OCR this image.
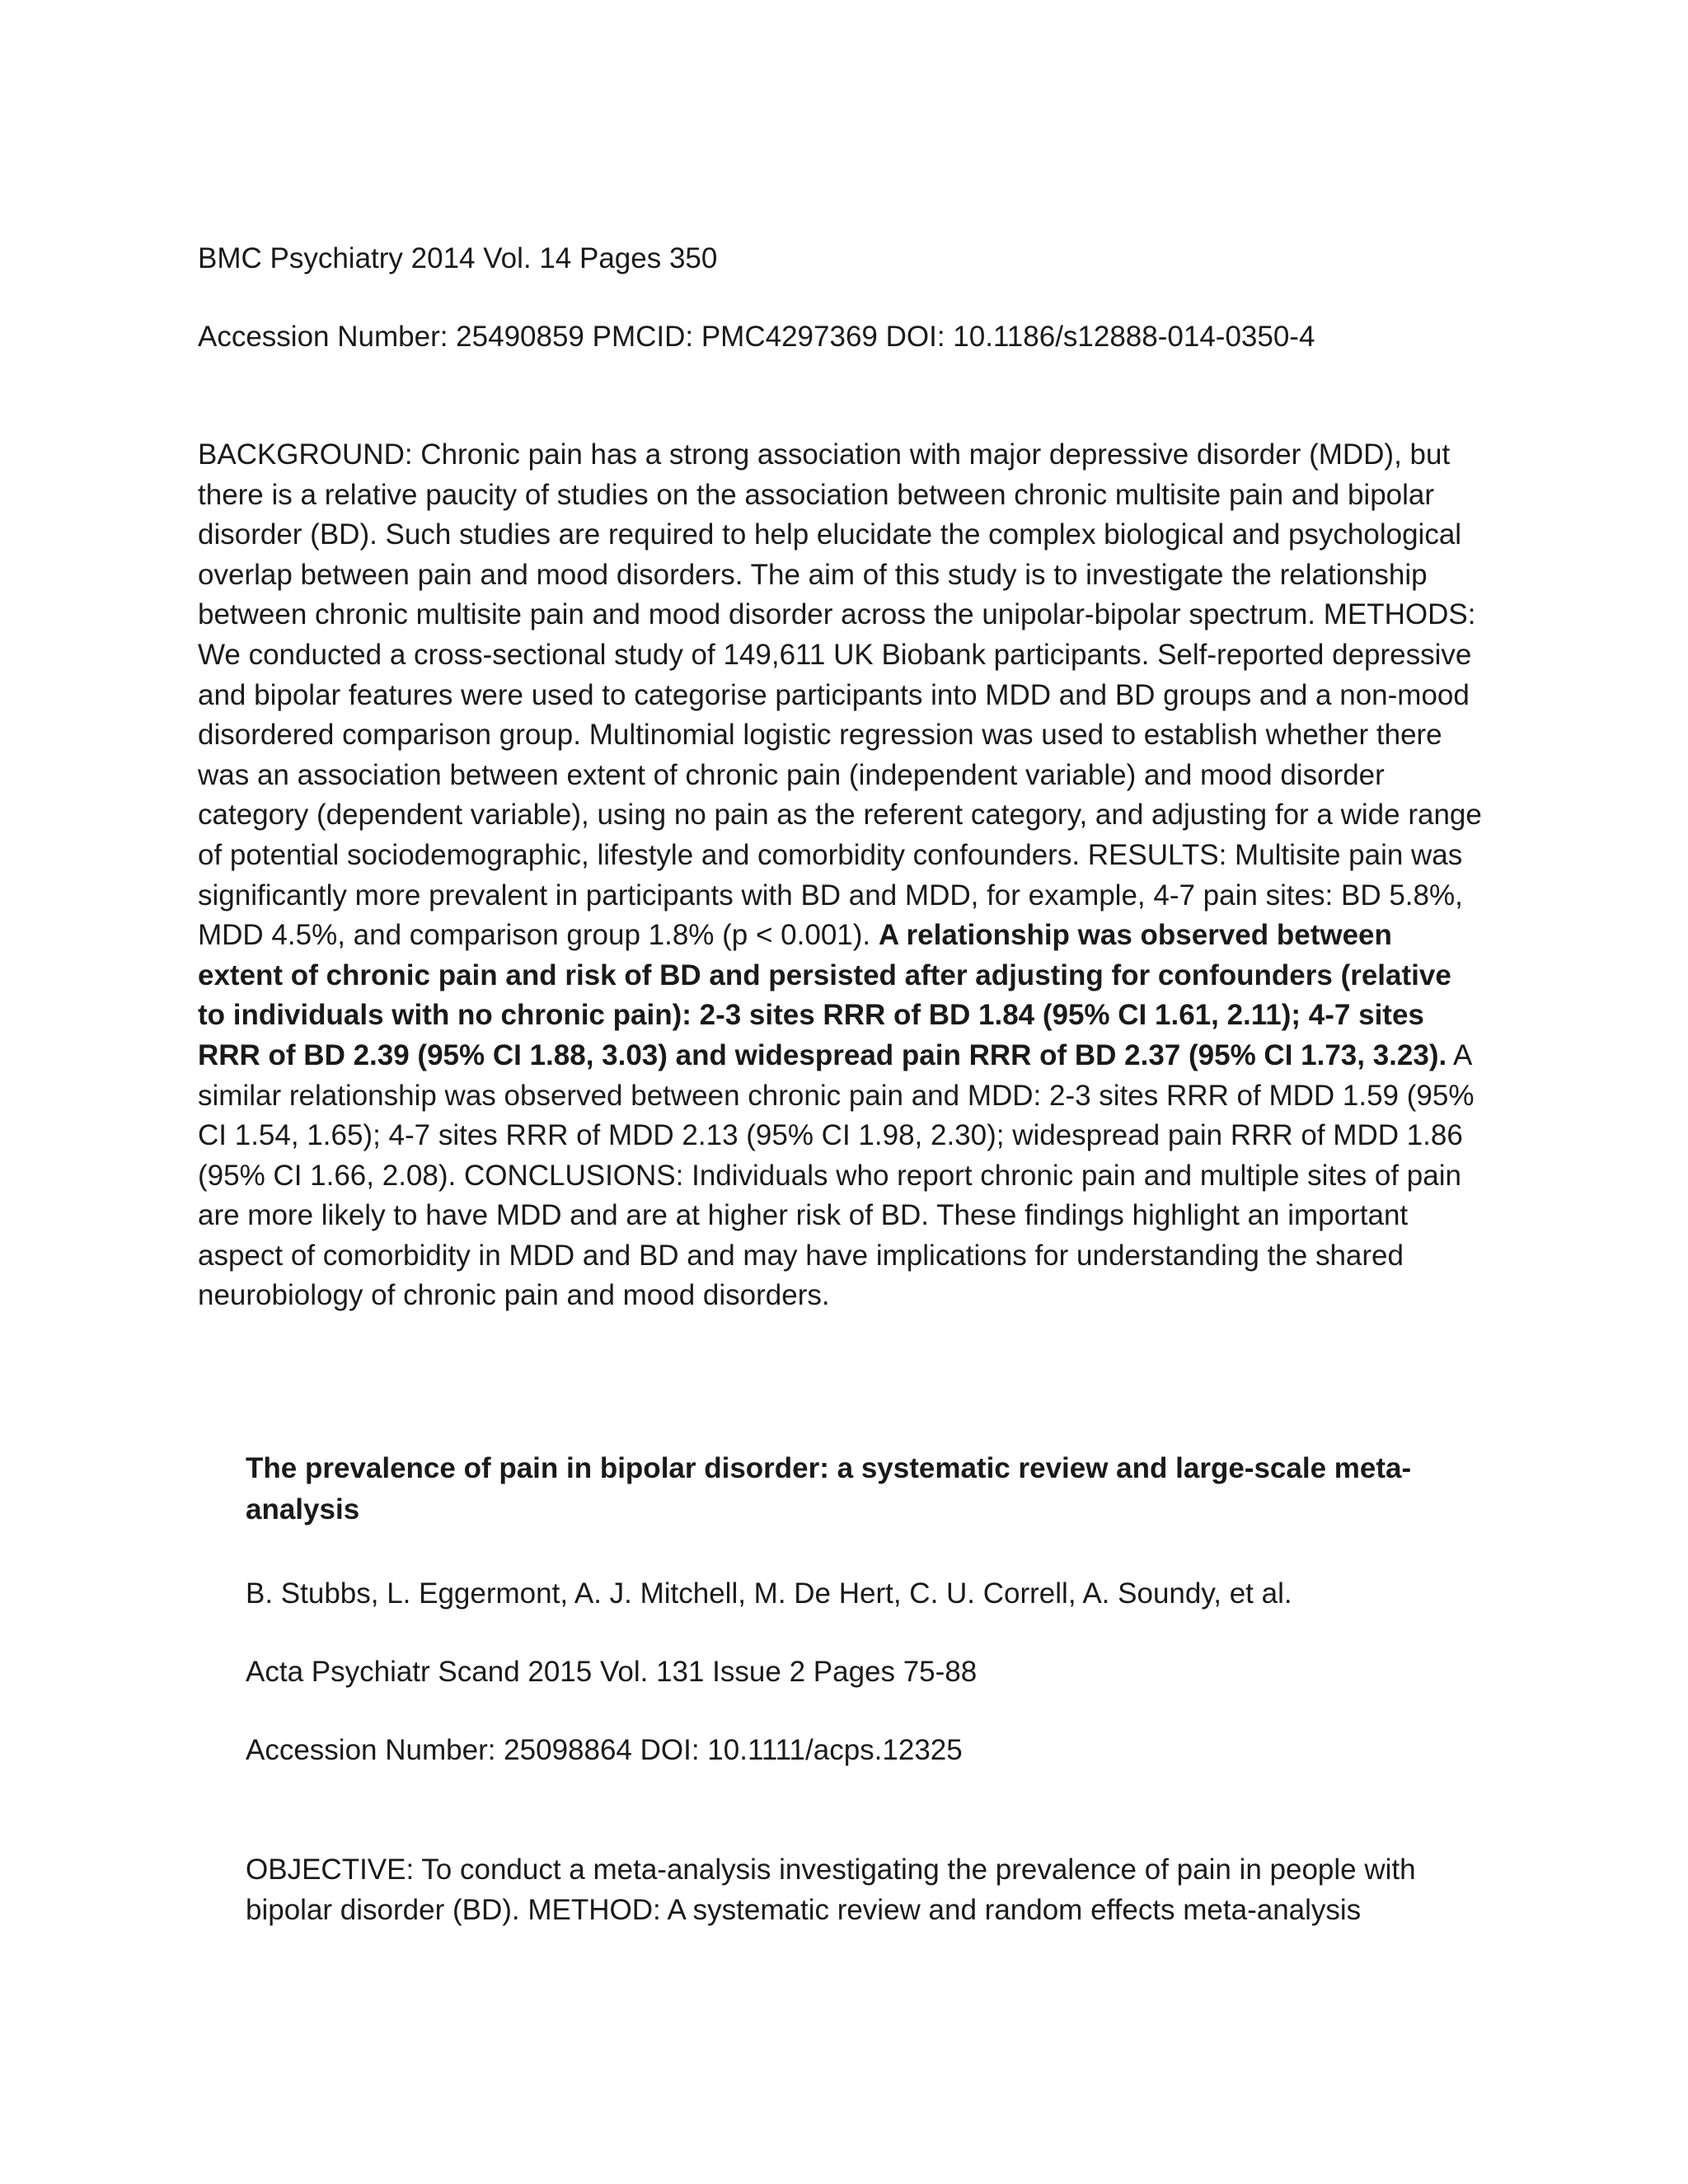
BMC Psychiatry 2014 Vol. 14 Pages 350

Accession Number: 25490859 PMCID: PMC4297369 DOI: 10.1186/s12888-014-0350-4

BACKGROUND: Chronic pain has a strong association with major depressive disorder (MDD), but there is a relative paucity of studies on the association between chronic multisite pain and bipolar disorder (BD). Such studies are required to help elucidate the complex biological and psychological overlap between pain and mood disorders. The aim of this study is to investigate the relationship between chronic multisite pain and mood disorder across the unipolar-bipolar spectrum. METHODS: We conducted a cross-sectional study of 149,611 UK Biobank participants. Self-reported depressive and bipolar features were used to categorise participants into MDD and BD groups and a non-mood disordered comparison group. Multinomial logistic regression was used to establish whether there was an association between extent of chronic pain (independent variable) and mood disorder category (dependent variable), using no pain as the referent category, and adjusting for a wide range of potential sociodemographic, lifestyle and comorbidity confounders. RESULTS: Multisite pain was significantly more prevalent in participants with BD and MDD, for example, 4-7 pain sites: BD 5.8%, MDD 4.5%, and comparison group 1.8% (p < 0.001). A relationship was observed between extent of chronic pain and risk of BD and persisted after adjusting for confounders (relative to individuals with no chronic pain): 2-3 sites RRR of BD 1.84 (95% CI 1.61, 2.11); 4-7 sites RRR of BD 2.39 (95% CI 1.88, 3.03) and widespread pain RRR of BD 2.37 (95% CI 1.73, 3.23). A similar relationship was observed between chronic pain and MDD: 2-3 sites RRR of MDD 1.59 (95% CI 1.54, 1.65); 4-7 sites RRR of MDD 2.13 (95% CI 1.98, 2.30); widespread pain RRR of MDD 1.86 (95% CI 1.66, 2.08). CONCLUSIONS: Individuals who report chronic pain and multiple sites of pain are more likely to have MDD and are at higher risk of BD. These findings highlight an important aspect of comorbidity in MDD and BD and may have implications for understanding the shared neurobiology of chronic pain and mood disorders.

The prevalence of pain in bipolar disorder: a systematic review and large-scale meta-analysis

B. Stubbs, L. Eggermont, A. J. Mitchell, M. De Hert, C. U. Correll, A. Soundy, et al.

Acta Psychiatr Scand 2015 Vol. 131 Issue 2 Pages 75-88

Accession Number: 25098864 DOI: 10.1111/acps.12325

OBJECTIVE: To conduct a meta-analysis investigating the prevalence of pain in people with bipolar disorder (BD). METHOD: A systematic review and random effects meta-analysis
